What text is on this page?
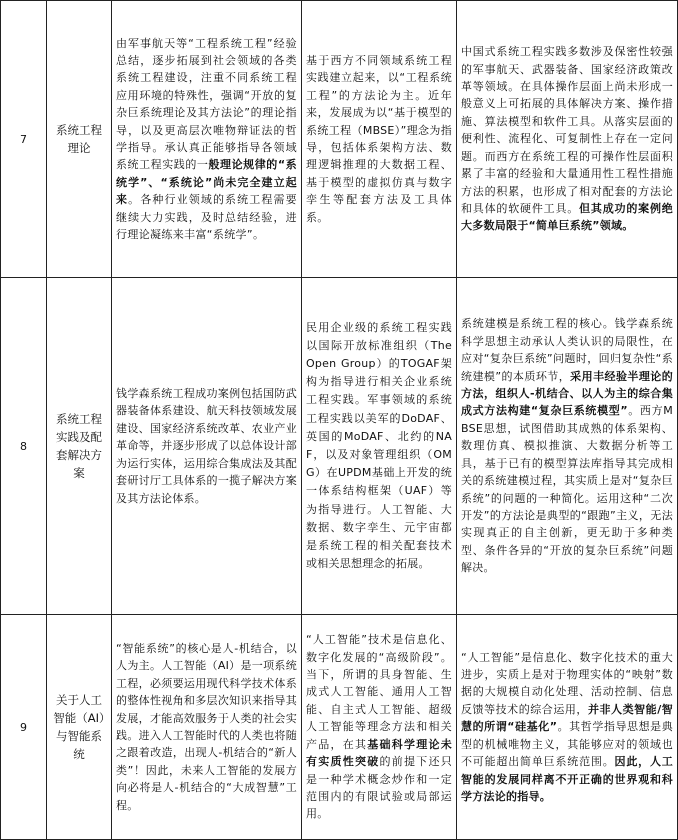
7	系统工程理论	由军事航天等“工程系统工程”经验总结，逐步拓展到社会领域的各类系统工程建设，注重不同系统工程应用环境的特殊性，强调“开放的复杂巨系统理论及其方法论”的理论指导，以及更高层次唯物辩证法的哲学指导。承认真正能够指导各领域系统工程实践的一般理论规律的“系统学”、“系统论”尚未完全建立起来。各种行业领域的系统工程需要继续大力实践，及时总结经验，进行理论凝练来丰富“系统学”。	基于西方不同领域系统工程实践建立起来，以“工程系统工程”的方法论为主。近年来，发展成为以“基于模型的系统工程（MBSE）”理念为指导，包括体系架构方法、数理逻辑推理的大数据工程、基于模型的虚拟仿真与数字孪生等配套方法及工具体系。	中国式系统工程实践多数涉及保密性较强的军事航天、武器装备、国家经济政策改革等领域。在具体操作层面上尚未形成一般意义上可拓展的具体解决方案、操作措施、算法模型和软件工具。从落实层面的便利性、流程化、可复制性上存在一定问题。而西方在系统工程的可操作性层面积累了丰富的经验和大量通用性工程性措施方法的积累，也形成了相对配套的方法论和具体的软硬件工具。但其成功的案例绝大多数局限于“简单巨系统”领域。
8	系统工程实践及配套解决方案	钱学森系统工程成功案例包括国防武器装备体系建设、航天科技领域发展建设、国家经济系统改革、农业产业革命等，并逐步形成了以总体设计部为运行实体，运用综合集成法及其配套研讨厅工具体系的一揽子解决方案及其方法论体系。	民用企业级的系统工程实践以国际开放标准组织（The Open Group）的TOGAF架构为指导进行相关企业系统工程实践。军事领域的系统工程实践以美军的DoDAF、英国的MoDAF、北约的NAF，以及对象管理组织（OMG）在UPDM基础上开发的统一体系结构框架（UAF）等为指导进行。人工智能、大数据、数字孪生、元宇宙都是系统工程的相关配套技术或相关思想理念的拓展。	系统建模是系统工程的核心。钱学森系统科学思想主动承认人类认识的局限性，在应对“复杂巨系统”问题时，回归复杂性“系统建模”的本质环节，采用丰经验半理论的方法，组织人-机结合、以人为主的综合集成式方法构建“复杂巨系统模型”。西方MBSE思想，试图借助其成熟的体系架构、数理仿真、模拟推演、大数据分析等工具，基于已有的模型算法库指导其完成相关的系统建模过程，其实质上是对“复杂巨系统”的问题的一种简化。运用这种“二次开发”的方法论是典型的“跟跑”主义，无法实现真正的自主创新，更无助于多种类型、条件各异的“开放的复杂巨系统”问题解决。
9	关于人工智能（AI）与智能系统	“智能系统”的核心是人-机结合，以人为主。人工智能（AI）是一项系统工程，必须要运用现代科学技术体系的整体性视角和多层次知识来指导其发展，才能高效服务于人类的社会实践。进入人工智能时代的人类也将随之跟着改造，出现人-机结合的“新人类”！因此，未来人工智能的发展方向必将是人-机结合的“大成智慧”工程。	“人工智能”技术是信息化、数字化发展的“高级阶段”。当下，所谓的具身智能、生成式人工智能、通用人工智能、自主式人工智能、超级人工智能等理念方法和相关产品，在其基础科学理论未有实质性突破的前提下还只是一种学术概念炒作和一定范围内的有限试验或局部运用。	“人工智能”是信息化、数字化技术的重大进步，实质上是对于物理实体的“映射”数据的大规模自动化处理、活动控制、信息反馈等技术的综合运用，并非人类智能/智慧的所谓“硅基化”。其哲学指导思想是典型的机械唯物主义，其能够应对的领域也不可能超出简单巨系统范围。因此，人工智能的发展同样离不开正确的世界观和科学方法论的指导。
